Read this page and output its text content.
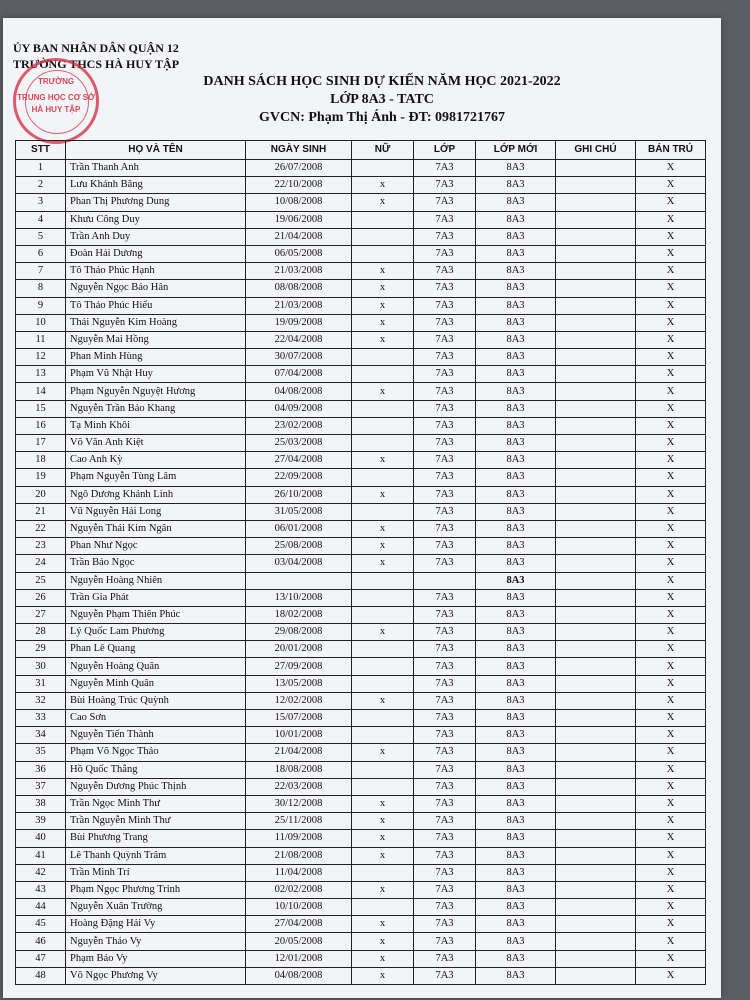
ỦY BAN NHÂN DÂN QUẬN 12
TRƯỜNG THCS HÀ HUY TẬP
TRƯỜNG
TRUNG HỌC CƠ SỞ
HÀ HUY TẬP
DANH SÁCH HỌC SINH DỰ KIẾN NĂM HỌC 2021-2022
LỚP 8A3 - TATC
GVCN: Phạm Thị Ánh - ĐT: 0981721767
STT	HỌ VÀ TÊN	NGÀY SINH	NỮ	LỚP	LỚP MỚI	GHI CHÚ	BÁN TRÚ
1	Trần Thanh Anh	26/07/2008		7A3	8A3		X
2	Lưu Khánh Băng	22/10/2008	x	7A3	8A3		X
3	Phan Thị Phương Dung	10/08/2008	x	7A3	8A3		X
4	Khưu Công Duy	19/06/2008		7A3	8A3		X
5	Trần Anh Duy	21/04/2008		7A3	8A3		X
6	Đoàn Hải Dương	06/05/2008		7A3	8A3		X
7	Tô Thảo Phúc Hạnh	21/03/2008	x	7A3	8A3		X
8	Nguyễn Ngọc Bảo Hân	08/08/2008	x	7A3	8A3		X
9	Tô Thảo Phúc Hiếu	21/03/2008	x	7A3	8A3		X
10	Thái Nguyễn Kim Hoàng	19/09/2008	x	7A3	8A3		X
11	Nguyễn Mai Hồng	22/04/2008	x	7A3	8A3		X
12	Phan Minh Hùng	30/07/2008		7A3	8A3		X
13	Phạm Vũ Nhật Huy	07/04/2008		7A3	8A3		X
14	Phạm Nguyễn Nguyệt Hương	04/08/2008	x	7A3	8A3		X
15	Nguyễn Trần Bảo Khang	04/09/2008		7A3	8A3		X
16	Tạ Minh Khôi	23/02/2008		7A3	8A3		X
17	Võ Văn Anh Kiệt	25/03/2008		7A3	8A3		X
18	Cao Anh Kỳ	27/04/2008	x	7A3	8A3		X
19	Phạm Nguyễn Tùng Lâm	22/09/2008		7A3	8A3		X
20	Ngô Dương Khánh Linh	26/10/2008	x	7A3	8A3		X
21	Vũ Nguyễn Hải Long	31/05/2008		7A3	8A3		X
22	Nguyễn Thái Kim Ngân	06/01/2008	x	7A3	8A3		X
23	Phan Như Ngọc	25/08/2008	x	7A3	8A3		X
24	Trần Bảo Ngọc	03/04/2008	x	7A3	8A3		X
25	Nguyễn Hoàng Nhiên				8A3		X
26	Trần Gia Phát	13/10/2008		7A3	8A3		X
27	Nguyễn Phạm Thiên Phúc	18/02/2008		7A3	8A3		X
28	Lý Quốc Lam Phương	29/08/2008	x	7A3	8A3		X
29	Phan Lê Quang	20/01/2008		7A3	8A3		X
30	Nguyễn Hoàng Quân	27/09/2008		7A3	8A3		X
31	Nguyễn Minh Quân	13/05/2008		7A3	8A3		X
32	Bùi Hoàng Trúc Quỳnh	12/02/2008	x	7A3	8A3		X
33	Cao Sơn	15/07/2008		7A3	8A3		X
34	Nguyễn Tiến Thành	10/01/2008		7A3	8A3		X
35	Phạm Võ Ngọc Thảo	21/04/2008	x	7A3	8A3		X
36	Hồ Quốc Thắng	18/08/2008		7A3	8A3		X
37	Nguyễn Dương Phúc Thịnh	22/03/2008		7A3	8A3		X
38	Trần Ngọc Minh Thư	30/12/2008	x	7A3	8A3		X
39	Trần Nguyễn Minh Thư	25/11/2008	x	7A3	8A3		X
40	Bùi Phương Trang	11/09/2008	x	7A3	8A3		X
41	Lê Thanh Quỳnh Trâm	21/08/2008	x	7A3	8A3		X
42	Trần Minh Trí	11/04/2008		7A3	8A3		X
43	Phạm Ngọc Phương Trinh	02/02/2008	x	7A3	8A3		X
44	Nguyễn Xuân Trường	10/10/2008		7A3	8A3		X
45	Hoàng Đặng Hải Vy	27/04/2008	x	7A3	8A3		X
46	Nguyễn Thảo Vy	20/05/2008	x	7A3	8A3		X
47	Phạm Bảo Vy	12/01/2008	x	7A3	8A3		X
48	Võ Ngọc Phương Vy	04/08/2008	x	7A3	8A3		X
